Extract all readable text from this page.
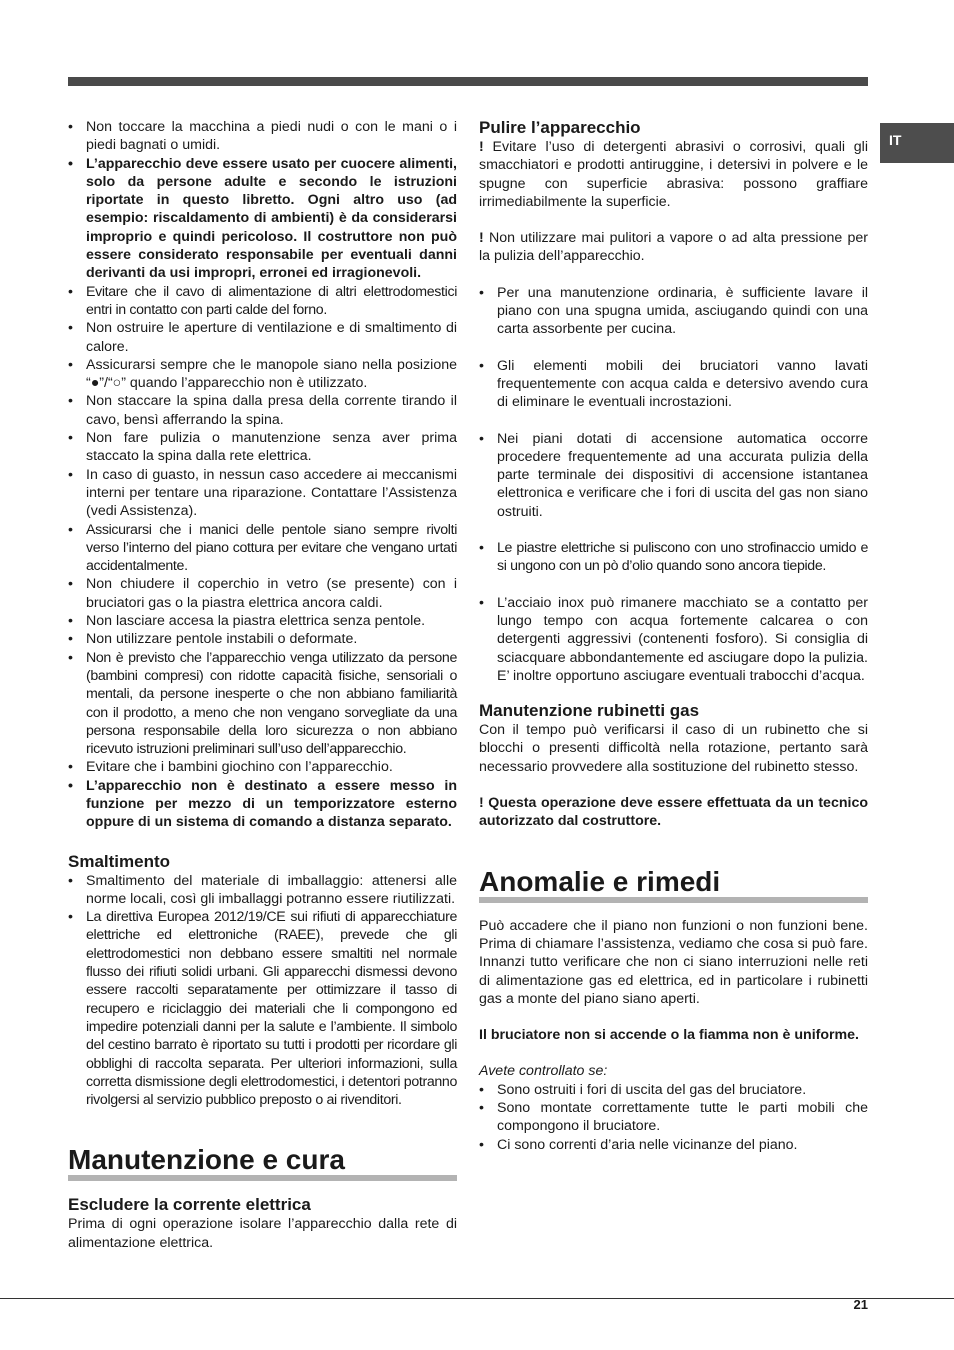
IT
• Non toccare la macchina a piedi nudi o con le mani o i piedi bagnati o umidi.
• L’apparecchio deve essere usato per cuocere alimenti, solo da persone adulte e secondo le istruzioni riportate in questo libretto. Ogni altro uso (ad esempio: riscaldamento di ambienti) è da considerarsi improprio e quindi pericoloso. Il costruttore non può essere considerato responsabile per eventuali danni derivanti da usi impropri, erronei ed irragionevoli.
• Evitare che il cavo di alimentazione di altri elettrodomestici entri in contatto con parti calde del forno.
• Non ostruire le aperture di ventilazione e di smaltimento di calore.
• Assicurarsi sempre che le manopole siano nella posizione “●”/“○” quando l’apparecchio non è utilizzato.
• Non staccare la spina dalla presa della corrente tirando il cavo, bensì afferrando la spina.
• Non fare pulizia o manutenzione senza aver prima staccato la spina dalla rete elettrica.
• In caso di guasto, in nessun caso accedere ai meccanismi interni per tentare una riparazione. Contattare l’Assistenza (vedi Assistenza).
• Assicurarsi che i manici delle pentole siano sempre rivolti verso l’interno del piano cottura per evitare che vengano urtati accidentalmente.
• Non chiudere il coperchio in vetro (se presente) con i bruciatori gas o la piastra elettrica ancora caldi.
• Non lasciare accesa la piastra elettrica senza pentole.
• Non utilizzare pentole instabili o deformate.
• Non è previsto che l’apparecchio venga utilizzato da persone (bambini compresi) con ridotte capacità fisiche, sensoriali o mentali, da persone inesperte o che non abbiano familiarità con il prodotto, a meno che non vengano sorvegliate da una persona responsabile della loro sicurezza o non abbiano ricevuto istruzioni preliminari sull’uso dell’apparecchio.
• Evitare che i bambini giochino con l’apparecchio.
• L’apparecchio non è destinato a essere messo in funzione per mezzo di un temporizzatore esterno oppure di un sistema di comando a distanza separato.
Smaltimento
• Smaltimento del materiale di imballaggio: attenersi alle norme locali, così gli imballaggi potranno essere riutilizzati.
• La direttiva Europea 2012/19/CE sui rifiuti di apparecchiature elettriche ed elettroniche (RAEE), prevede che gli elettrodomestici non debbano essere smaltiti nel normale flusso dei rifiuti solidi urbani. Gli apparecchi dismessi devono essere raccolti separatamente per ottimizzare il tasso di recupero e riciclaggio dei materiali che li compongono ed impedire potenziali danni per la salute e l’ambiente. Il simbolo del cestino barrato è riportato su tutti i prodotti per ricordare gli obblighi di raccolta separata. Per ulteriori informazioni, sulla corretta dismissione degli elettrodomestici, i detentori potranno rivolgersi al servizio pubblico preposto o ai rivenditori.
Manutenzione e cura
Escludere la corrente elettrica

Prima di ogni operazione isolare l’apparecchio dalla rete di alimentazione elettrica.

Pulire l’apparecchio

! Evitare l’uso di detergenti abrasivi o corrosivi, quali gli smacchiatori e prodotti antiruggine, i detersivi in polvere e le spugne con superficie abrasiva: possono graffiare irrimediabilmente la superficie.

! Non utilizzare mai pulitori a vapore o ad alta pressione per la pulizia dell’apparecchio.

• Per una manutenzione ordinaria, è sufficiente lavare il piano con una spugna umida, asciugando quindi con una carta assorbente per cucina.
• Gli elementi mobili dei bruciatori vanno lavati frequentemente con acqua calda e detersivo avendo cura di eliminare le eventuali incrostazioni.
• Nei piani dotati di accensione automatica occorre procedere frequentemente ad una accurata pulizia della parte terminale dei dispositivi di accensione istantanea elettronica e verificare che i fori di uscita del gas non siano ostruiti.
• Le piastre elettriche si puliscono con uno strofinaccio umido e si ungono con un pò d’olio quando sono ancora tiepide.
• L’acciaio inox può rimanere macchiato se a contatto per lungo tempo con acqua fortemente calcarea o con detergenti aggressivi (contenenti fosforo). Si consiglia di sciacquare abbondantemente ed asciugare dopo la pulizia. E’ inoltre opportuno asciugare eventuali trabocchi d’acqua.
Manutenzione rubinetti gas

Con il tempo può verificarsi il caso di un rubinetto che si blocchi o presenti difficoltà nella rotazione, pertanto sarà necessario provvedere alla sostituzione del rubinetto stesso.

! Questa operazione deve essere effettuata da un tecnico autorizzato dal costruttore.

Anomalie e rimedi

Può accadere che il piano non funzioni o non funzioni bene. Prima di chiamare l’assistenza, vediamo che cosa si può fare. Innanzi tutto verificare che non ci siano interruzioni nelle reti di alimentazione gas ed elettrica, ed in particolare i rubinetti gas a monte del piano siano aperti.

Il bruciatore non si accende o la fiamma non è uniforme.

Avete controllato se:

• Sono ostruiti i fori di uscita del gas del bruciatore.
• Sono montate correttamente tutte le parti mobili che compongono il bruciatore.
• Ci sono correnti d’aria nelle vicinanze del piano.
21
